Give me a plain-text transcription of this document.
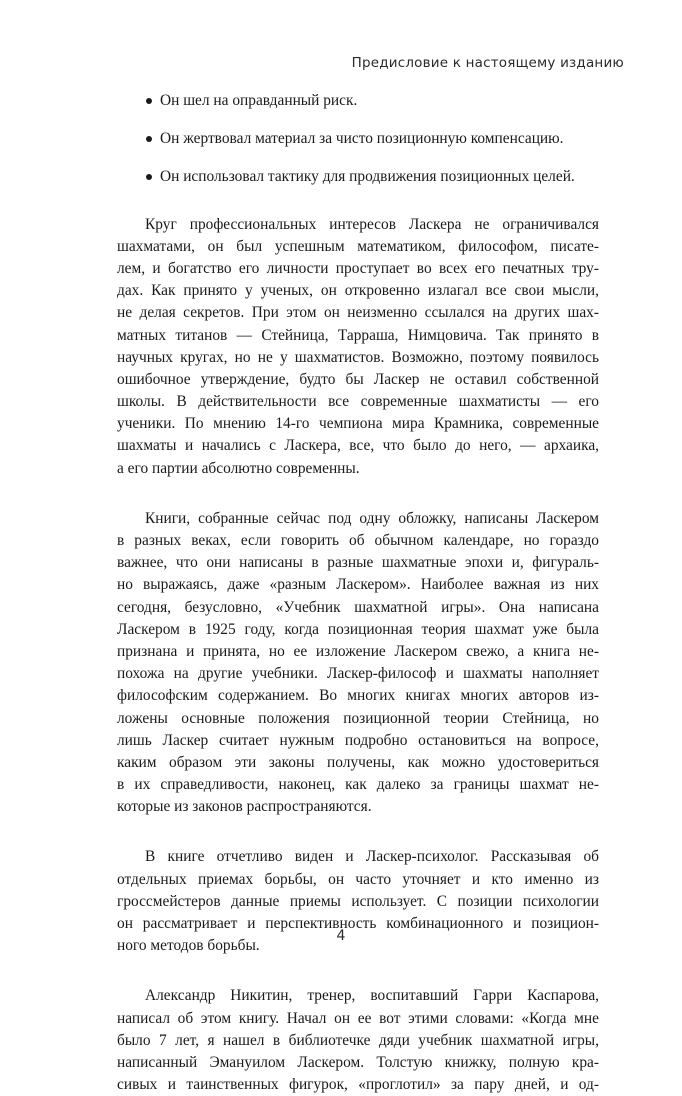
Предисловие к настоящему изданию
Он шел на оправданный риск.
Он жертвовал материал за чисто позиционную компенсацию.
Он использовал тактику для продвижения позиционных целей.
Круг профессиональных интересов Ласкера не ограничивался
шахматами, он был успешным математиком, философом, писате-
лем, и богатство его личности проступает во всех его печатных тру-
дах. Как принято у ученых, он откровенно излагал все свои мысли,
не делая секретов. При этом он неизменно ссылался на других шах-
матных титанов — Стейница, Тарраша, Нимцовича. Так принято в
научных кругах, но не у шахматистов. Возможно, поэтому появилось
ошибочное утверждение, будто бы Ласкер не оставил собственной
школы. В действительности все современные шахматисты — его
ученики. По мнению 14-го чемпиона мира Крамника, современные
шахматы и начались с Ласкера, все, что было до него, — архаика,
а его партии абсолютно современны.
Книги, собранные сейчас под одну обложку, написаны Ласкером
в разных веках, если говорить об обычном календаре, но гораздо
важнее, что они написаны в разные шахматные эпохи и, фигураль-
но выражаясь, даже «разным Ласкером». Наиболее важная из них
сегодня, безусловно, «Учебник шахматной игры». Она написана
Ласкером в 1925 году, когда позиционная теория шахмат уже была
признана и принята, но ее изложение Ласкером свежо, а книга не-
похожа на другие учебники. Ласкер-философ и шахматы наполняет
философским содержанием. Во многих книгах многих авторов из-
ложены основные положения позиционной теории Стейница, но
лишь Ласкер считает нужным подробно остановиться на вопросе,
каким образом эти законы получены, как можно удостовериться
в их справедливости, наконец, как далеко за границы шахмат не-
которые из законов распространяются.
В книге отчетливо виден и Ласкер-психолог. Рассказывая об
отдельных приемах борьбы, он часто уточняет и кто именно из
гроссмейстеров данные приемы использует. С позиции психологии
он рассматривает и перспективность комбинационного и позицион-
ного методов борьбы.
Александр Никитин, тренер, воспитавший Гарри Каспарова,
написал об этом книгу. Начал он ее вот этими словами: «Когда мне
было 7 лет, я нашел в библиотечке дяди учебник шахматной игры,
написанный Эмануилом Ласкером. Толстую книжку, полную кра-
сивых и таинственных фигурок, «проглотил» за пару дней, и од-
4
